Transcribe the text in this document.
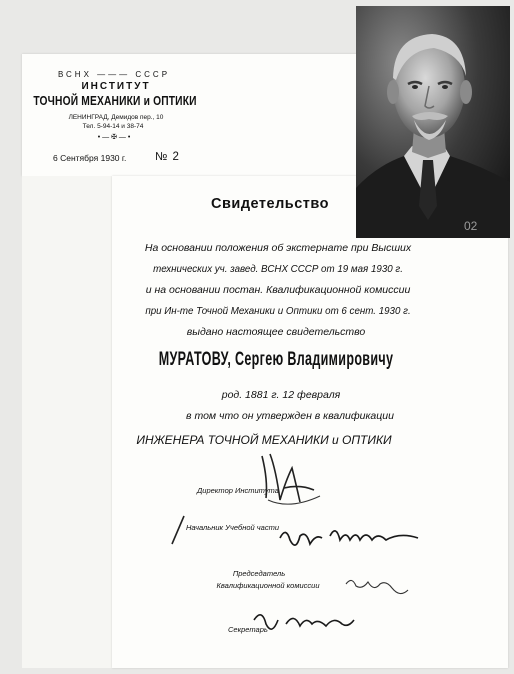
ВСНХ ——— СССР
ИНСТИТУТ
ТОЧНОЙ МЕХАНИКИ и ОПТИКИ
ЛЕНИНГРАД, Демидов пер., 10
Тел. 5-94-14 и 38-74
• — ✠ — •
6 Сентября 1930 г. № 2
02
Свидетельство
На основании положения об экстернате при Высших
технических уч. завед. ВСНХ СССР от 19 мая 1930 г.
и на основании постан. Квалификационной комиссии
при Ин-те Точной Механики и Оптики от 6 сент. 1930 г.
выдано настоящее свидетельство
МУРАТОВУ, Сергею Владимировичу
род. 1881 г. 12 февраля
в том что он утвержден в квалификации
ИНЖЕНЕРА ТОЧНОЙ МЕХАНИКИ и ОПТИКИ
Директор Института
Начальник Учебной части
Председатель
Квалификационной комиссии
Секретарь
